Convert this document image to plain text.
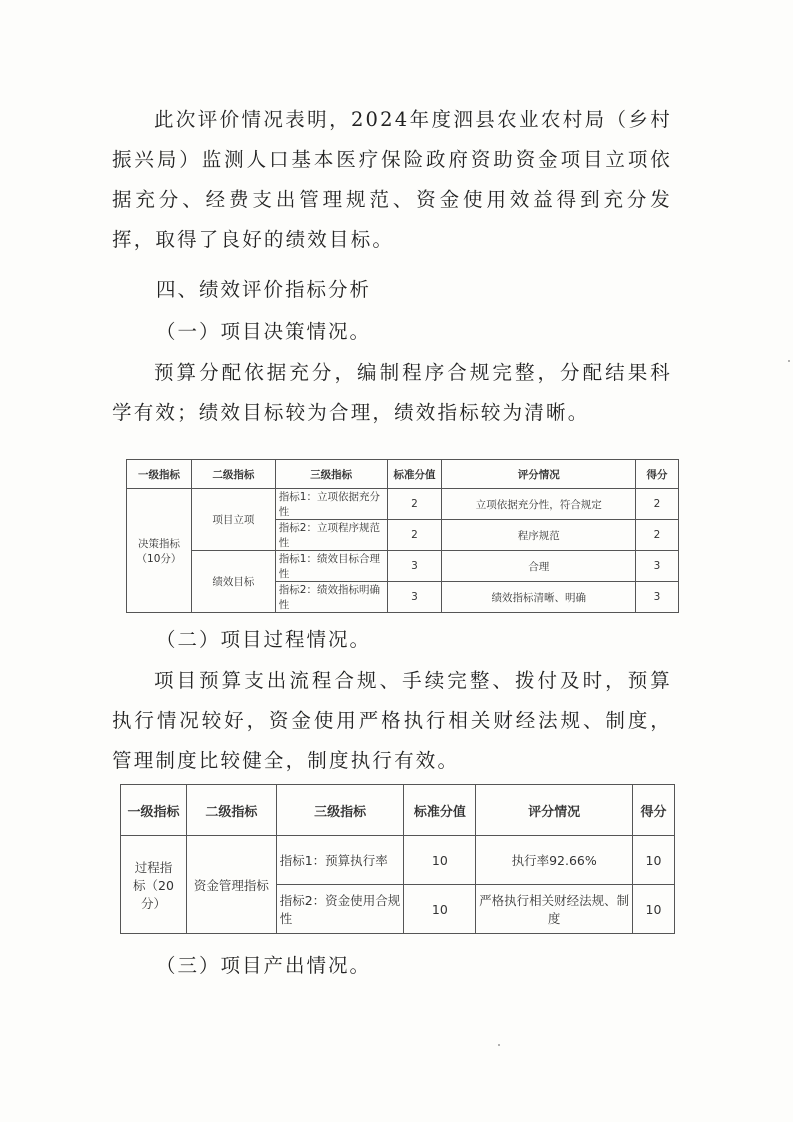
此次评价情况表明，2024年度泗县农业农村局（乡村振兴局）监测人口基本医疗保险政府资助资金项目立项依据充分、经费支出管理规范、资金使用效益得到充分发挥，取得了良好的绩效目标。

四、绩效评价指标分析

（一）项目决策情况。

预算分配依据充分，编制程序合规完整，分配结果科学有效；绩效目标较为合理，绩效指标较为清晰。

一级指标	二级指标	三级指标	标准分值	评分情况	得分
决策指标（10分）	项目立项	指标1：立项依据充分性	2	立项依据充分性，符合规定	2
		指标2：立项程序规范性	2	程序规范	2
	绩效目标	指标1：绩效目标合理性	3	合理	3
		指标2：绩效指标明确性	3	绩效指标清晰、明确	3

（二）项目过程情况。

项目预算支出流程合规、手续完整、拨付及时，预算执行情况较好，资金使用严格执行相关财经法规、制度，管理制度比较健全，制度执行有效。

一级指标	二级指标	三级指标	标准分值	评分情况	得分
过程指标（20分）	资金管理指标	指标1：预算执行率	10	执行率92.66%	10
		指标2：资金使用合规性	10	严格执行相关财经法规、制度	10

（三）项目产出情况。
